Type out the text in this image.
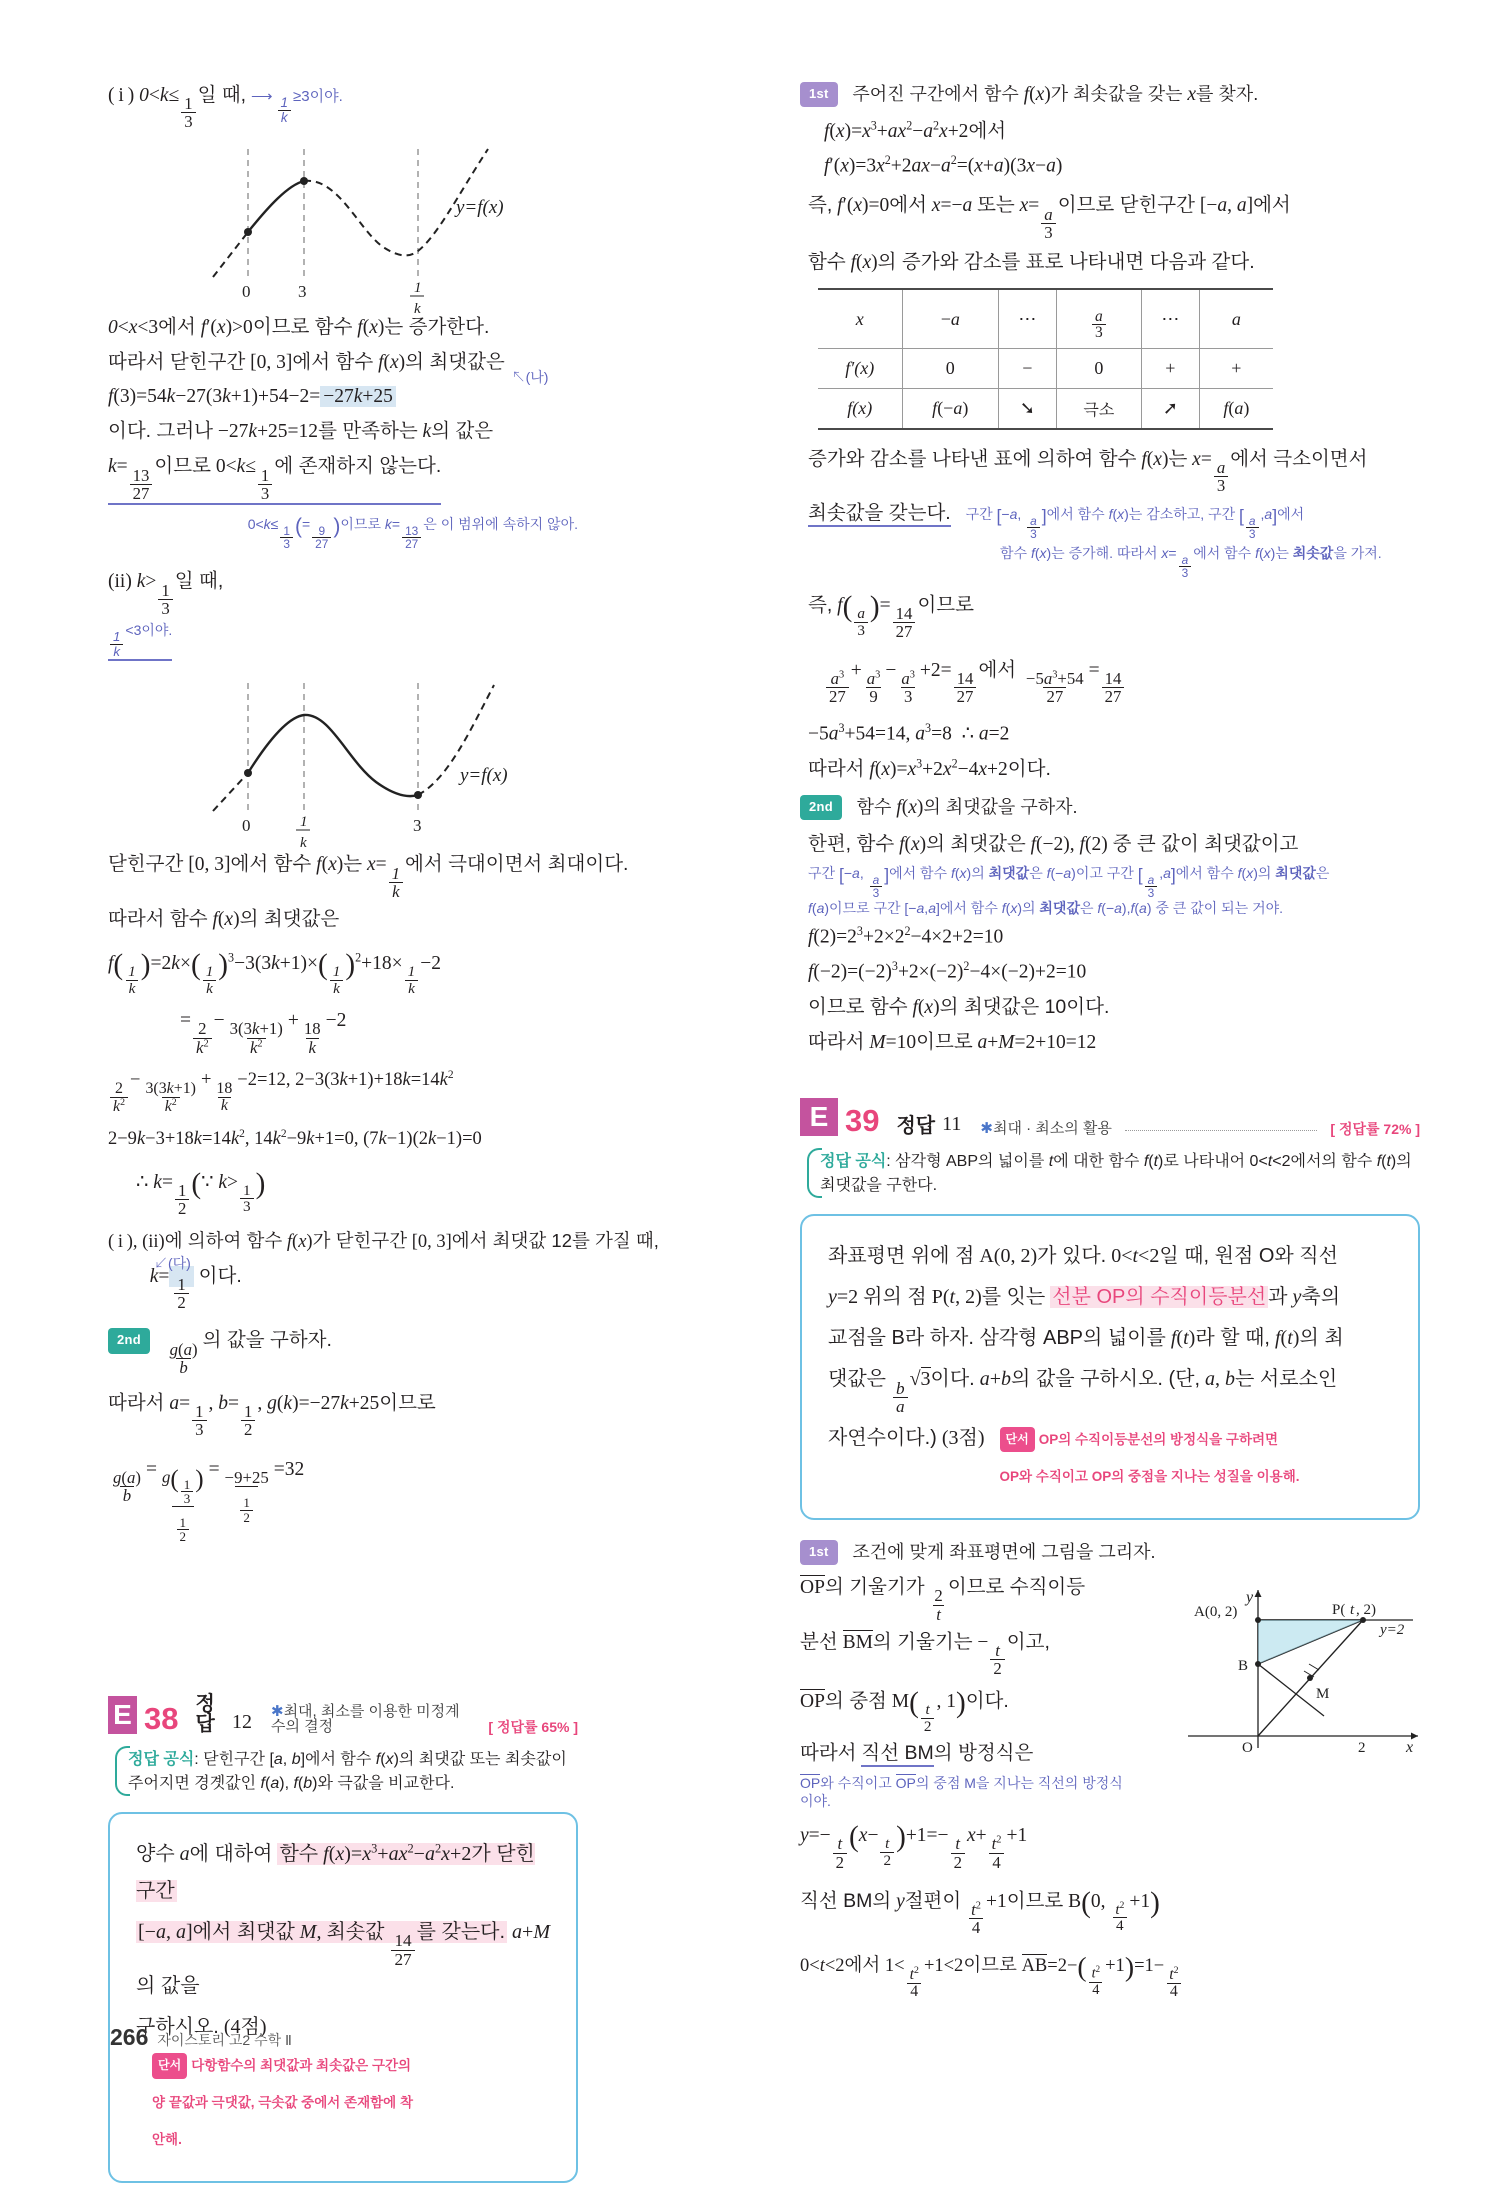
( i ) $0<k\le \frac{1}{3}$
일 때, ⟶  $\frac{1}{k} \ge 3$이야.
y=f(x)
0	3	1
k
0<x<3에서 f′(x)>0이므로 함수 f(x)는 증가한다.
따라서 닫힌구간 [0, 3]에서 함수 f(x)의 최댓값은 $_{↖(나)}$
f(3)=54k−27(3k+1)+54−2= −27k+25
이다. 그러나 −27k+25=12를 만족하는 k의 값은
$k= \frac{13}{27}$
이므로 $0<k\le \frac{1}{3}$
에 존재하지 않는다.
0<k≤
$\frac{1}{3}$ (=
$\frac{9}{27}$ )이므로 k=
$\frac{13}{27}$
은 이 범위에 속하지 않아.
(ii) $k> \frac{1}{3}$
일 때,
$\frac{1}{k}$
<3이야.
y=f(x)
0	1
k
3
닫힌구간 [0, 3]에서 함수 f(x)는 $x= \frac{1}{k}$
에서 극대이면서 최대이다.
따라서 함수 f(x)의 최댓값은
$f( \frac{1}{k} )=2k\times( \frac{1}{k} )^3-3(3k+1)\times( \frac{1}{k} )^2+18\times$
$\frac{1}{k}$
−2
= $\frac{2}{k^2} - \frac{3(3k+1)}{k^2} + \frac{18}{k} -2$
$\frac{2}{k^2}$
−
$\frac{3(3k+1)}{k^2}$
+
$\frac{18}{k}$
−2=12, $2-3(3k+1)+18k=14k^2$
$2-9k-3+18k=14k^2$, $14k^2-9k+1=0$, (7k−1)(2k−1)=0
∴ $k= \frac{1}{2}$ (∵ k>
$\frac{1}{3}$ )
( i ), (ii)에 의하여 함수 f(x)가 닫힌구간 [0, 3]에서 최댓값 12를 가질 때,
$^{↙(다)}$ $k= \frac{1}{2}$
이다.
2nd
$\frac{g(a)}{b}$
의 값을 구하자.
따라서 $a= \frac{1}{3}$ , $b= \frac{1}{2}$ , g(k)=−27k+25이므로
$\frac{g(a)}{b} = \frac{g( \frac{1}{3} )}{\frac{1}{2}} = \frac{-9+25}{\frac{1}{2}} =32$
E 38 정답 12 ✱최대, 최소를 이용한 미정계수의 결정	[ 정답률 65% ]
정답 공식: 닫힌구간 [a, b]에서 함수 f(x)의 최댓값 또는 최솟값이 주어지면 경곗값인 f(a), f(b)와 극값을 비교한다.
양수 a에 대하여 함수 $f(x)=x^3+ax^2-a^2x+2$가 닫힌구간
[−a, a]에서 최댓값 M, 최솟값
$\frac{14}{27}$
를 갖는다. a+M의 값을
구하시오. (4점) 단서 다항함수의 최댓값과 최솟값은 구간의 양 끝값과 극댓값, 극솟값 중에서 존재함에 착안해.
1st 주어진 구간에서 함수 f(x)가 최솟값을 갖는 x를 찾자.
$f(x)=x^3+ax^2-a^2x+2$에서
$f'(x)=3x^2+2ax-a^2=(x+a)(3x-a)$
즉, f′(x)=0에서 x=−a 또는 $x= \frac{a}{3}$
이므로 닫힌구간 [−a, a]에서
함수 f(x)의 증가와 감소를 표로 나타내면 다음과 같다.
x	−a	⋯	$\frac{a}{3}$	⋯	a
f′(x)	0	−	0	+	+
f(x)	f(−a)	➘	극소	➚	f(a)
증가와 감소를 나타낸 표에 의하여 함수 f(x)는 $x= \frac{a}{3}$
에서 극소이면서
최솟값을 갖는다. 구간 [−a,
$\frac{a}{3}$ ]에서 함수 f(x)는 감소하고, 구간 [ $\frac{a}{3}$
,a]에서
함수 f(x)는 증가해. 따라서 x=
$\frac{a}{3}$
에서 함수 f(x)는 최솟값을 가져.
즉, $f( \frac{a}{3}$ )= $\frac{14}{27}$
이므로
$\frac{a^3}{27} + \frac{a^3}{9} - \frac{a^3}{3} +2= \frac{14}{27}$
에서
$\frac{-5a^3+54}{27} = \frac{14}{27}$
$-5a^3+54=14$, $a^3=8$  ∴ a=2
따라서 $f(x)=x^3+2x^2-4x+2$이다.
2nd 함수 f(x)의 최댓값을 구하자.
한편, 함수 f(x)의 최댓값은 f(−2), f(2) 중 큰 값이 최댓값이고
구간 [−a,
$\frac{a}{3}$ ]에서 함수 f(x)의 최댓값은 f(−a)이고 구간 [ $\frac{a}{3}$
,a]에서 함수 f(x)의 최댓값은
f(a)이므로 구간 [−a,a]에서 함수 f(x)의 최댓값은 f(−a),f(a) 중 큰 값이 되는 거야.
$f(2)=2^3+2\times 2^2-4\times 2+2=10$
$f(-2)=(-2)^3+2\times(-2)^2-4\times(-2)+2=10$
이므로 함수 f(x)의 최댓값은 10이다.
따라서 M=10이므로 a+M=2+10=12
E 39 정답 11 ✱최대 · 최소의 활용	[ 정답률 72% ]
정답 공식: 삼각형 ABP의 넓이를 t에 대한 함수 f(t)로 나타내어 0<t<2에서의 함수 f(t)의 최댓값을 구한다.
좌표평면 위에 점 A(0, 2)가 있다. 0<t<2일 때, 원점 O와 직선
y=2 위의 점 P(t, 2)를 잇는 선분 OP의 수직이등분선 과 y축의
교점을 B라 하자. 삼각형 ABP의 넓이를 f(t)라 할 때, f(t)의 최
댓값은
$\frac{b}{a}$
√3이다. a+b의 값을 구하시오. (단, a, b는 서로소인
자연수이다.) (3점) 단서 OP의 수직이등분선의 방정식을 구하려면 OP와 수직이고 OP의 중점을 지나는 성질을 이용해.
1st 조건에 맞게 좌표평면에 그림을 그리자.
y
A(0, 2)	P( t , 2)
y=2
B
M
O	2	x
OP의 기울기가
$\frac{2}{t}$
이므로 수직이등
분선 BM의 기울기는 − $\frac{t}{2}$
이고,
OP의 중점 $M( \frac{t}{2}$
, 1)이다.
따라서 직선 BM의 방정식은
OP와 수직이고 OP의 중점 M을 지나는 직선의 방정식이야.
$y=- \frac{t}{2} (x-$
$\frac{t}{2} )+1=- \frac{t}{2} x+ \frac{t^2}{4} +1$
직선 BM의 y절편이
$\frac{t^2}{4} +1$이므로 B(0,
$\frac{t^2}{4}$
+1)
0<t<2에서 $1< \frac{t^2}{4} +1<2$이므로 $AB=2-( \frac{t^2}{4} +1)=1- \frac{t^2}{4}$
266 자이스토리 고2 수학 Ⅱ
